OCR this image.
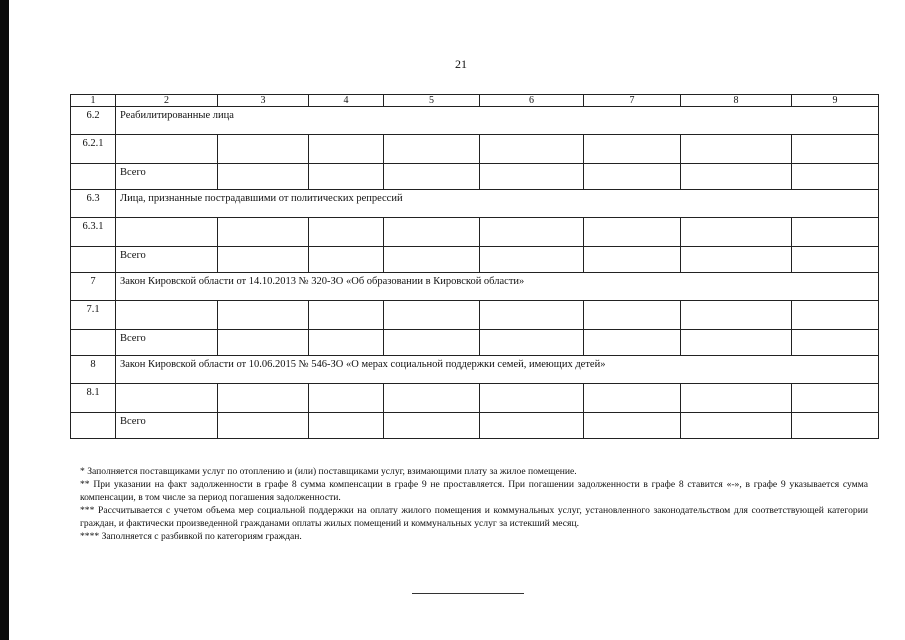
21
1	2	3	4	5	6	7	8	9
6.2	Реабилитированные лица							
6.2.1								
	Всего							
6.3	Лица, признанные пострадавшими от политических репрессий							
6.3.1								
	Всего							
7	Закон Кировской области от 14.10.2013 № 320-ЗО «Об образовании в Кировской области»							
7.1								
	Всего							
8	Закон Кировской области от 10.06.2015 № 546-ЗО «О мерах социальной поддержки семей, имеющих детей»							
8.1								
	Всего							

* Заполняется поставщиками услуг по отоплению и (или) поставщиками услуг, взимающими плату за жилое помещение.

** При указании на факт задолженности в графе 8 сумма компенсации в графе 9 не проставляется. При погашении задолженности в графе 8 ставится «-», в графе 9 указывается сумма компенсации, в том числе за период погашения задолженности.

*** Рассчитывается с учетом объема мер социальной поддержки на оплату жилого помещения и коммунальных услуг, установленного законодательством для соответствующей категории граждан, и фактически произведенной гражданами оплаты жилых помещений и коммунальных услуг за истекший месяц.

**** Заполняется с разбивкой по категориям граждан.
